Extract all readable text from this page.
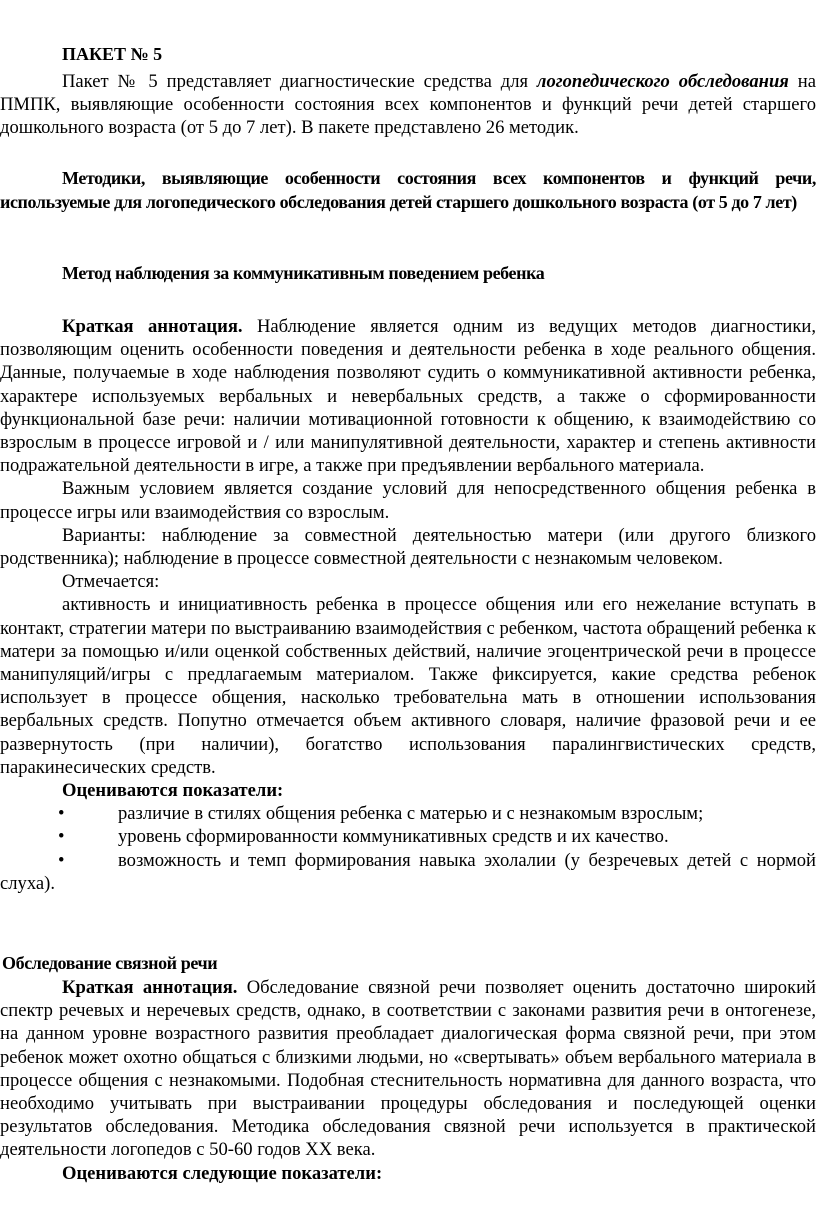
ПАКЕТ № 5

Пакет № 5 представляет диагностические средства для логопедического обследования на ПМПК, выявляющие особенности состояния всех компонентов и функций речи детей старшего дошкольного возраста (от 5 до 7 лет). В пакете представлено 26 методик.

Методики, выявляющие особенности состояния всех компонентов и функций речи, используемые для логопедического обследования детей старшего дошкольного возраста (от 5 до 7 лет)

Метод наблюдения за коммуникативным поведением ребенка
Краткая аннотация. Наблюдение является одним из ведущих методов диагностики, позволяющим оценить особенности поведения и деятельности ребенка в ходе реального общения. Данные, получаемые в ходе наблюдения позволяют судить о коммуникативной активности ребенка, характере используемых вербальных и невербальных средств, а также о сформированности функциональной базе речи: наличии мотивационной готовности к общению, к взаимодействию со взрослым в процессе игровой и / или манипулятивной деятельности, характер и степень активности подражательной деятельности в игре, а также при предъявлении вербального материала.
Важным условием является создание условий для непосредственного общения ребенка в процессе игры или взаимодействия со взрослым.
Варианты: наблюдение за совместной деятельностью матери (или другого близкого родственника); наблюдение в процессе совместной деятельности с незнакомым человеком.
Отмечается:
активность и инициативность ребенка в процессе общения или его нежелание вступать в контакт, стратегии матери по выстраиванию взаимодействия с ребенком, частота обращений ребенка к матери за помощью и/или оценкой собственных действий, наличие эгоцентрической речи в процессе манипуляций/игры с предлагаемым материалом. Также фиксируется, какие средства ребенок использует в процессе общения, насколько требовательна мать в отношении использования вербальных средств. Попутно отмечается объем активного словаря, наличие фразовой речи и ее развернутость (при наличии), богатство использования паралингвистических средств, паракинесических средств.
Оцениваются показатели:
•	различие в стилях общения ребенка с матерью и с незнакомым взрослым;
•	уровень сформированности коммуникативных средств и их качество.
•	возможность и темп формирования навыка эхолалии (у безречевых детей с нормой слуха).
Обследование связной речи
Краткая аннотация. Обследование связной речи позволяет оценить достаточно широкий спектр речевых и неречевых средств, однако, в соответствии с законами развития речи в онтогенезе, на данном уровне возрастного развития преобладает диалогическая форма связной речи, при этом ребенок может охотно общаться с близкими людьми, но «свертывать» объем вербального материала в процессе общения с незнакомыми. Подобная стеснительность нормативна для данного возраста, что необходимо учитывать при выстраивании процедуры обследования и последующей оценки результатов обследования. Методика обследования связной речи используется в практической деятельности логопедов с 50-60 годов XX века.
Оцениваются следующие показатели:
